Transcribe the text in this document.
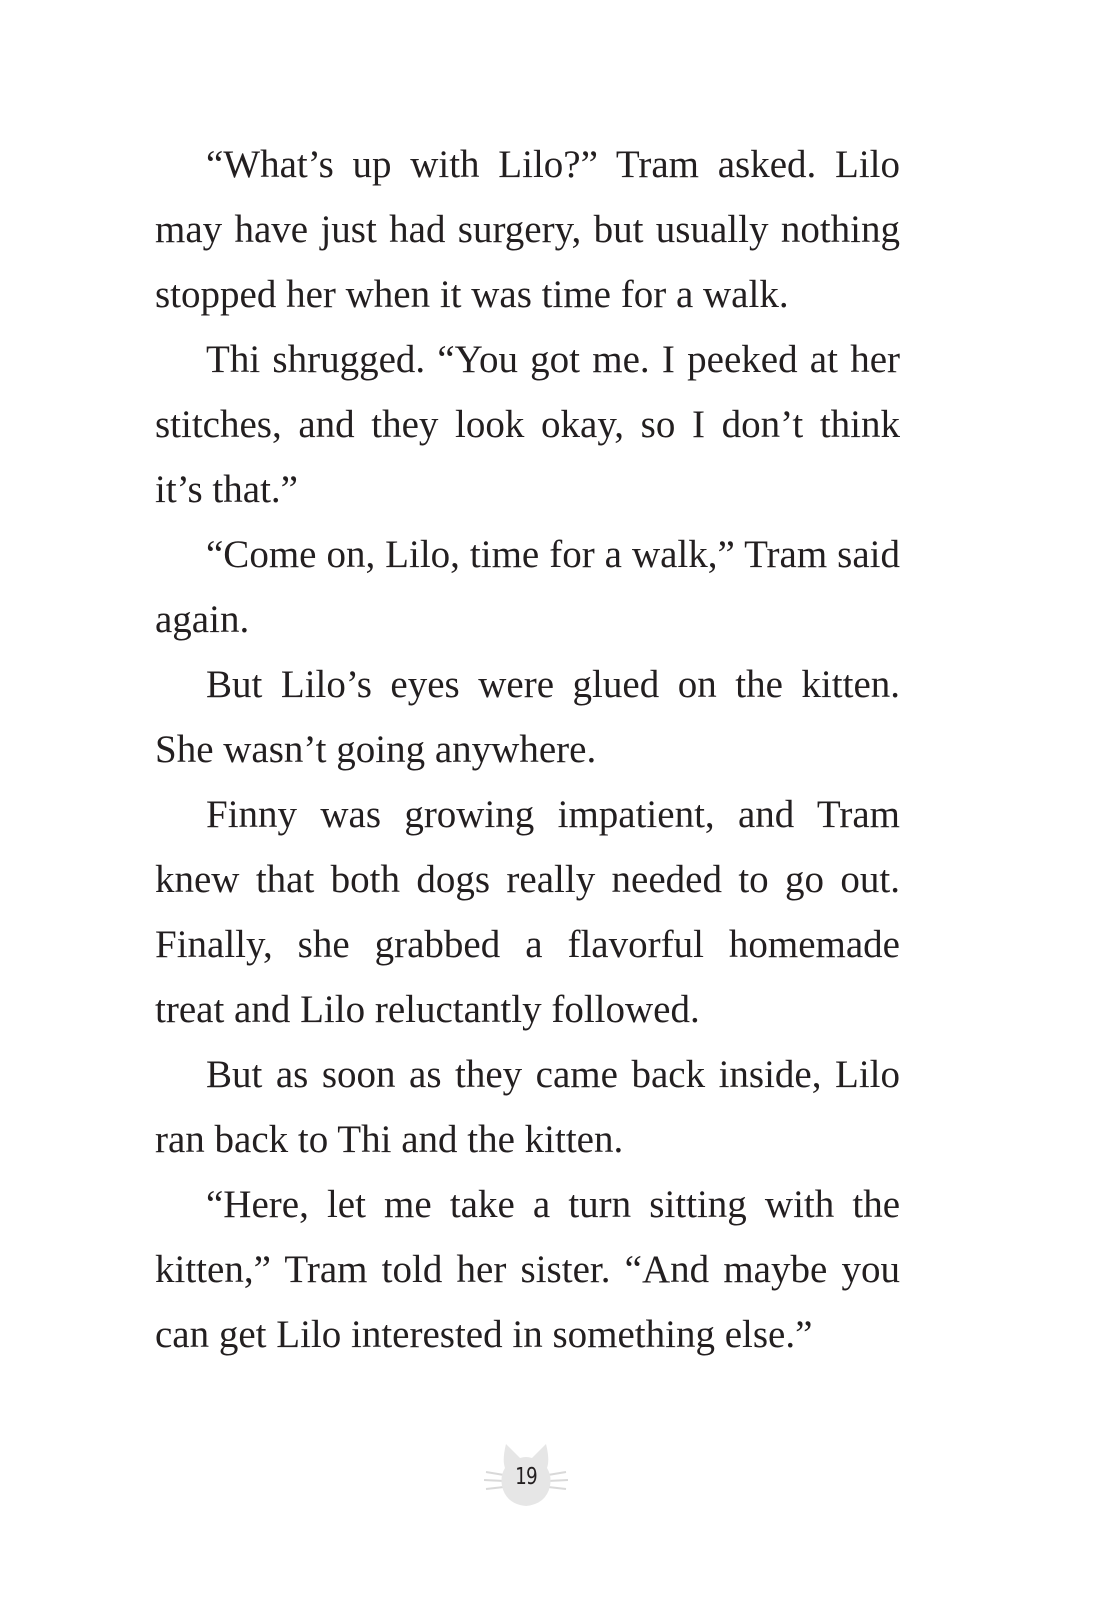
“What’s up with Lilo?” Tram asked. Lilo may have just had surgery, but usually nothing stopped her when it was time for a walk.

Thi shrugged. “You got me. I peeked at her stitches, and they look okay, so I don’t think it’s that.”

“Come on, Lilo, time for a walk,” Tram said again.

But Lilo’s eyes were glued on the kitten. She wasn’t going anywhere.

Finny was growing impatient, and Tram knew that both dogs really needed to go out. Finally, she grabbed a flavorful homemade treat and Lilo reluctantly followed.

But as soon as they came back inside, Lilo ran back to Thi and the kitten.

“Here, let me take a turn sitting with the kitten,” Tram told her sister. “And maybe you can get Lilo interested in something else.”

19
